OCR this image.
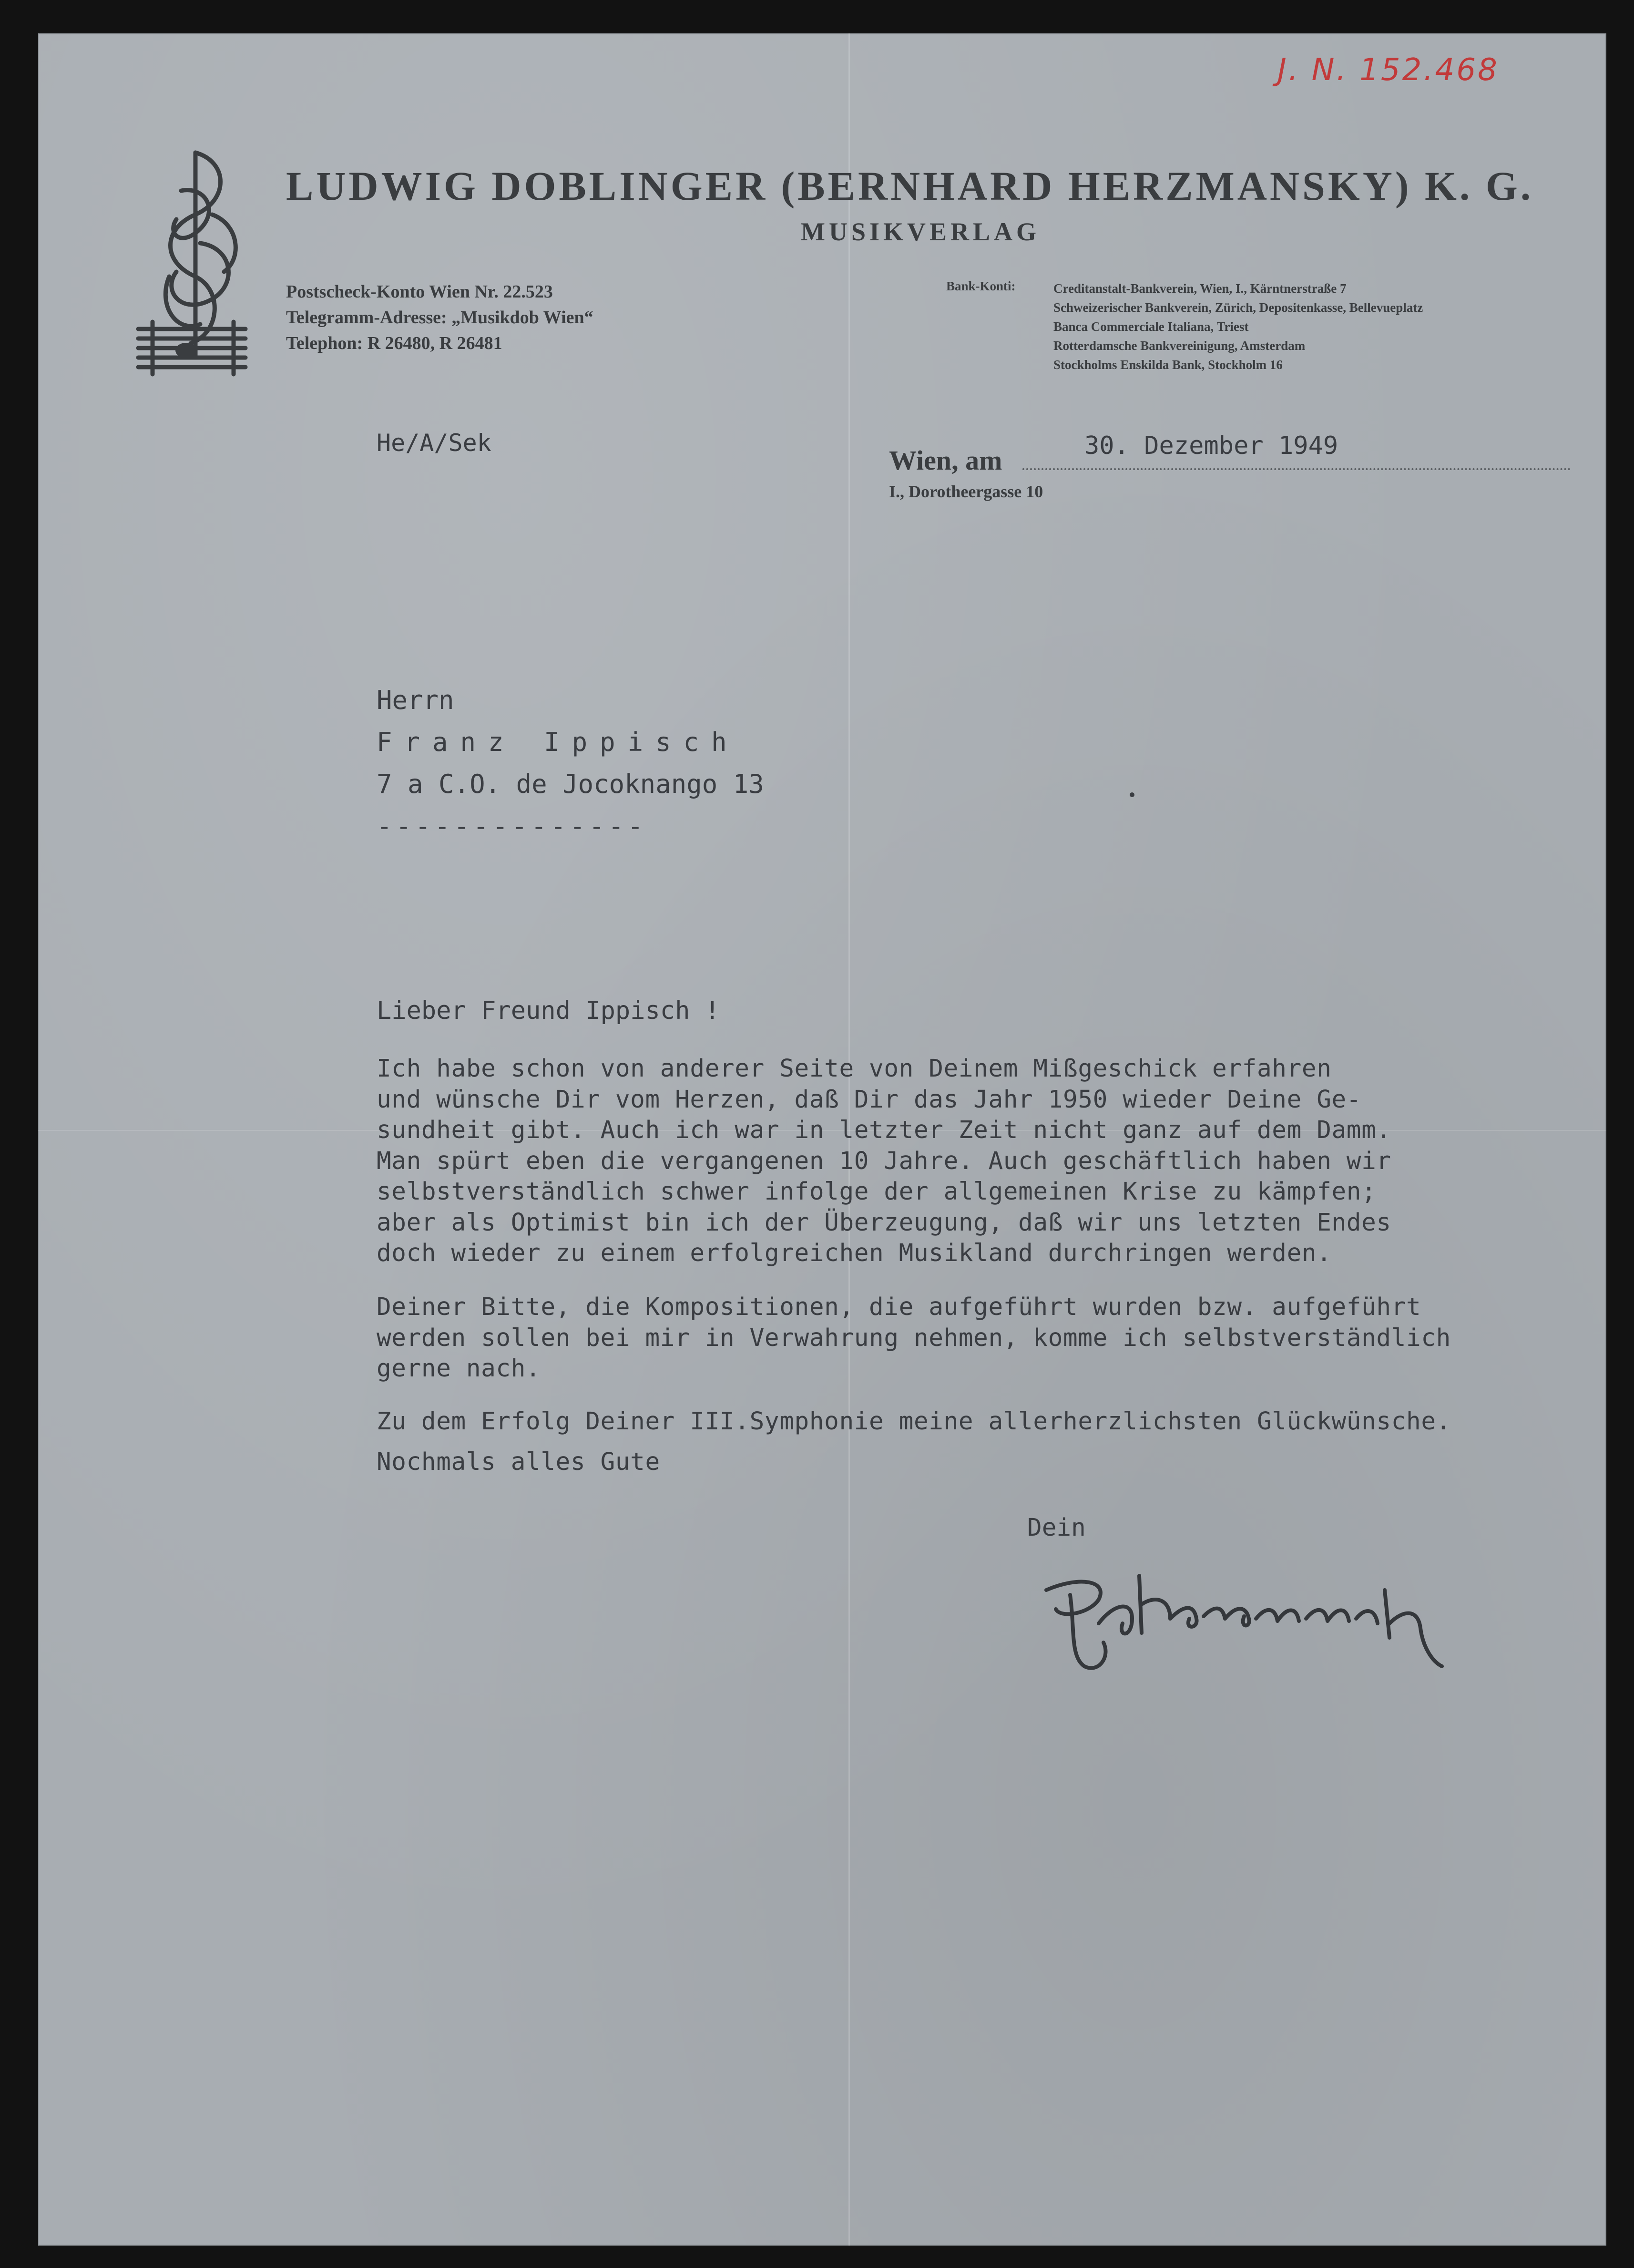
J. N. 152.468
LUDWIG DOBLINGER (BERNHARD HERZMANSKY) K. G.
MUSIKVERLAG
Postscheck-Konto Wien Nr. 22.523
Telegramm-Adresse: „Musikdob Wien“
Telephon: R 26480, R 26481
Bank-Konti:	Creditanstalt-Bankverein, Wien, I., Kärntnerstraße 7
Schweizerischer Bankverein, Zürich, Depositenkasse, Bellevueplatz
Banca Commerciale Italiana, Triest
Rotterdamsche Bankvereinigung, Amsterdam
Stockholms Enskilda Bank, Stockholm 16
He/A/Sek
Wien, am	30. Dezember 1949
I., Dorotheergasse 10
Herrn
Franz Ippisch
7 a C.O. de Jocoknango 13
--------------
Lieber Freund Ippisch !
Ich habe schon von anderer Seite von Deinem Mißgeschick erfahren
und wünsche Dir vom Herzen, daß Dir das Jahr 1950 wieder Deine Ge-
sundheit gibt. Auch ich war in letzter Zeit nicht ganz auf dem Damm.
Man spürt eben die vergangenen 10 Jahre. Auch geschäftlich haben wir
selbstverständlich schwer infolge der allgemeinen Krise zu kämpfen;
aber als Optimist bin ich der Überzeugung, daß wir uns letzten Endes
doch wieder zu einem erfolgreichen Musikland durchringen werden.
Deiner Bitte, die Kompositionen, die aufgeführt wurden bzw. aufgeführt
werden sollen bei mir in Verwahrung nehmen, komme ich selbstverständlich
gerne nach.
Zu dem Erfolg Deiner III.Symphonie meine allerherzlichsten Glückwünsche.
Nochmals alles Gute
Dein
